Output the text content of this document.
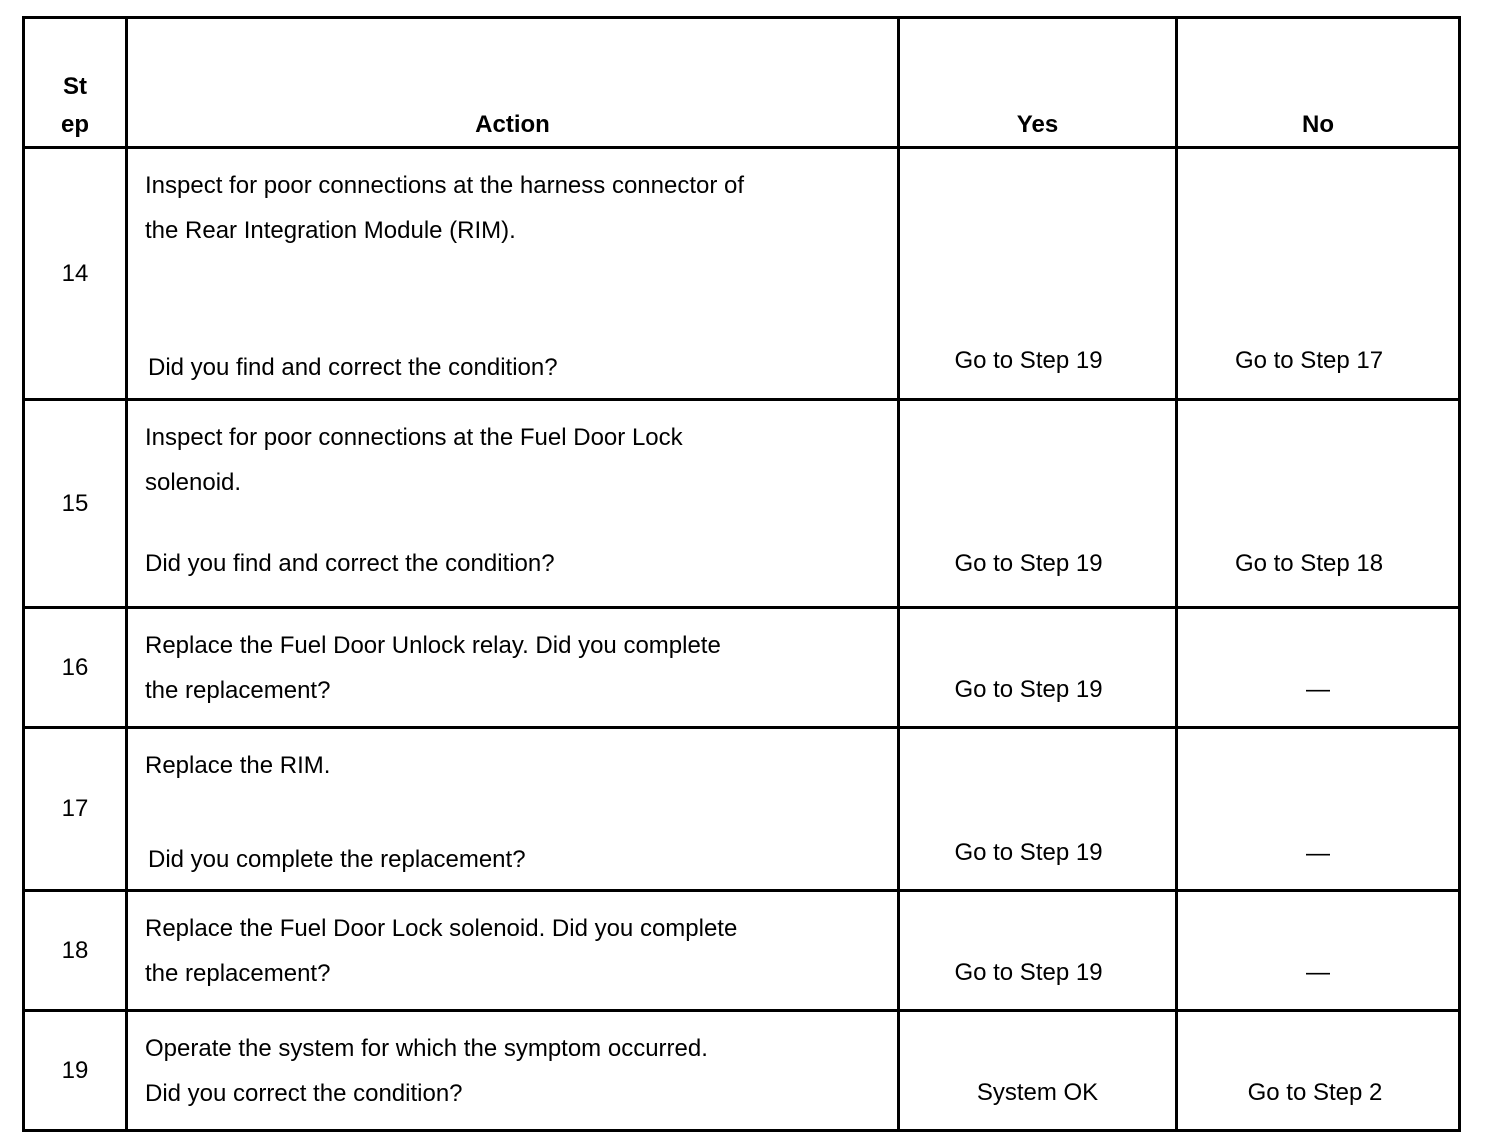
St
ep	Action	Yes	No

14	Inspect for poor connections at the harness connector of
the Rear Integration Module (RIM).
Did you find and correct the condition?	Go to Step 19	Go to Step 17

15	Inspect for poor connections at the Fuel Door Lock
solenoid.
Did you find and correct the condition?	Go to Step 19	Go to Step 18

16	Replace the Fuel Door Unlock relay. Did you complete
the replacement?	Go to Step 19	—

17	Replace the RIM.
Did you complete the replacement?	Go to Step 19	—

18	Replace the Fuel Door Lock solenoid. Did you complete
the replacement?	Go to Step 19	—

19	Operate the system for which the symptom occurred.
Did you correct the condition?	System OK	Go to Step 2
